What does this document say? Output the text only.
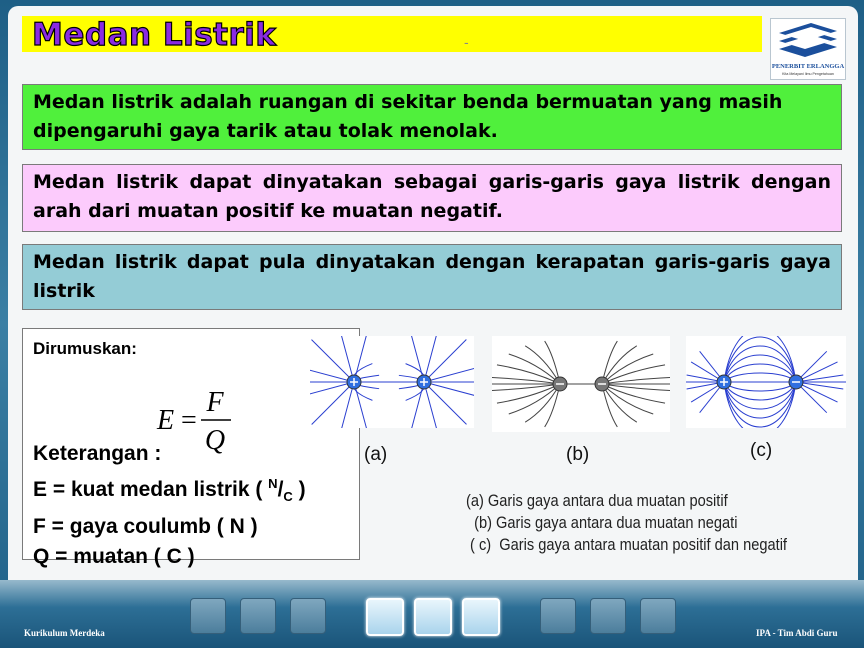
Medan Listrik	-
PENERBIT ERLANGGA
Kita Melayani Ilmu Pengetahuan
Medan listrik adalah ruangan di sekitar benda bermuatan yang masih dipengaruhi gaya tarik atau tolak menolak.
Medan listrik dapat dinyatakan sebagai garis-garis gaya listrik dengan arah dari muatan positif ke muatan negatif.
Medan listrik dapat pula dinyatakan dengan kerapatan garis-garis gaya listrik
Dirumuskan:
E =
F
Q
Keterangan :
E = kuat medan listrik ( $^N/_C$ )
F = gaya coulumb ( N )
Q = muatan ( C )
(a)	(b)	(c)
(a) Garis gaya antara dua muatan positif
(b) Garis gaya antara dua muatan negati
( c)  Garis gaya antara muatan positif dan negatif
Kurikulum Merdeka	IPA - Tim Abdi Guru
